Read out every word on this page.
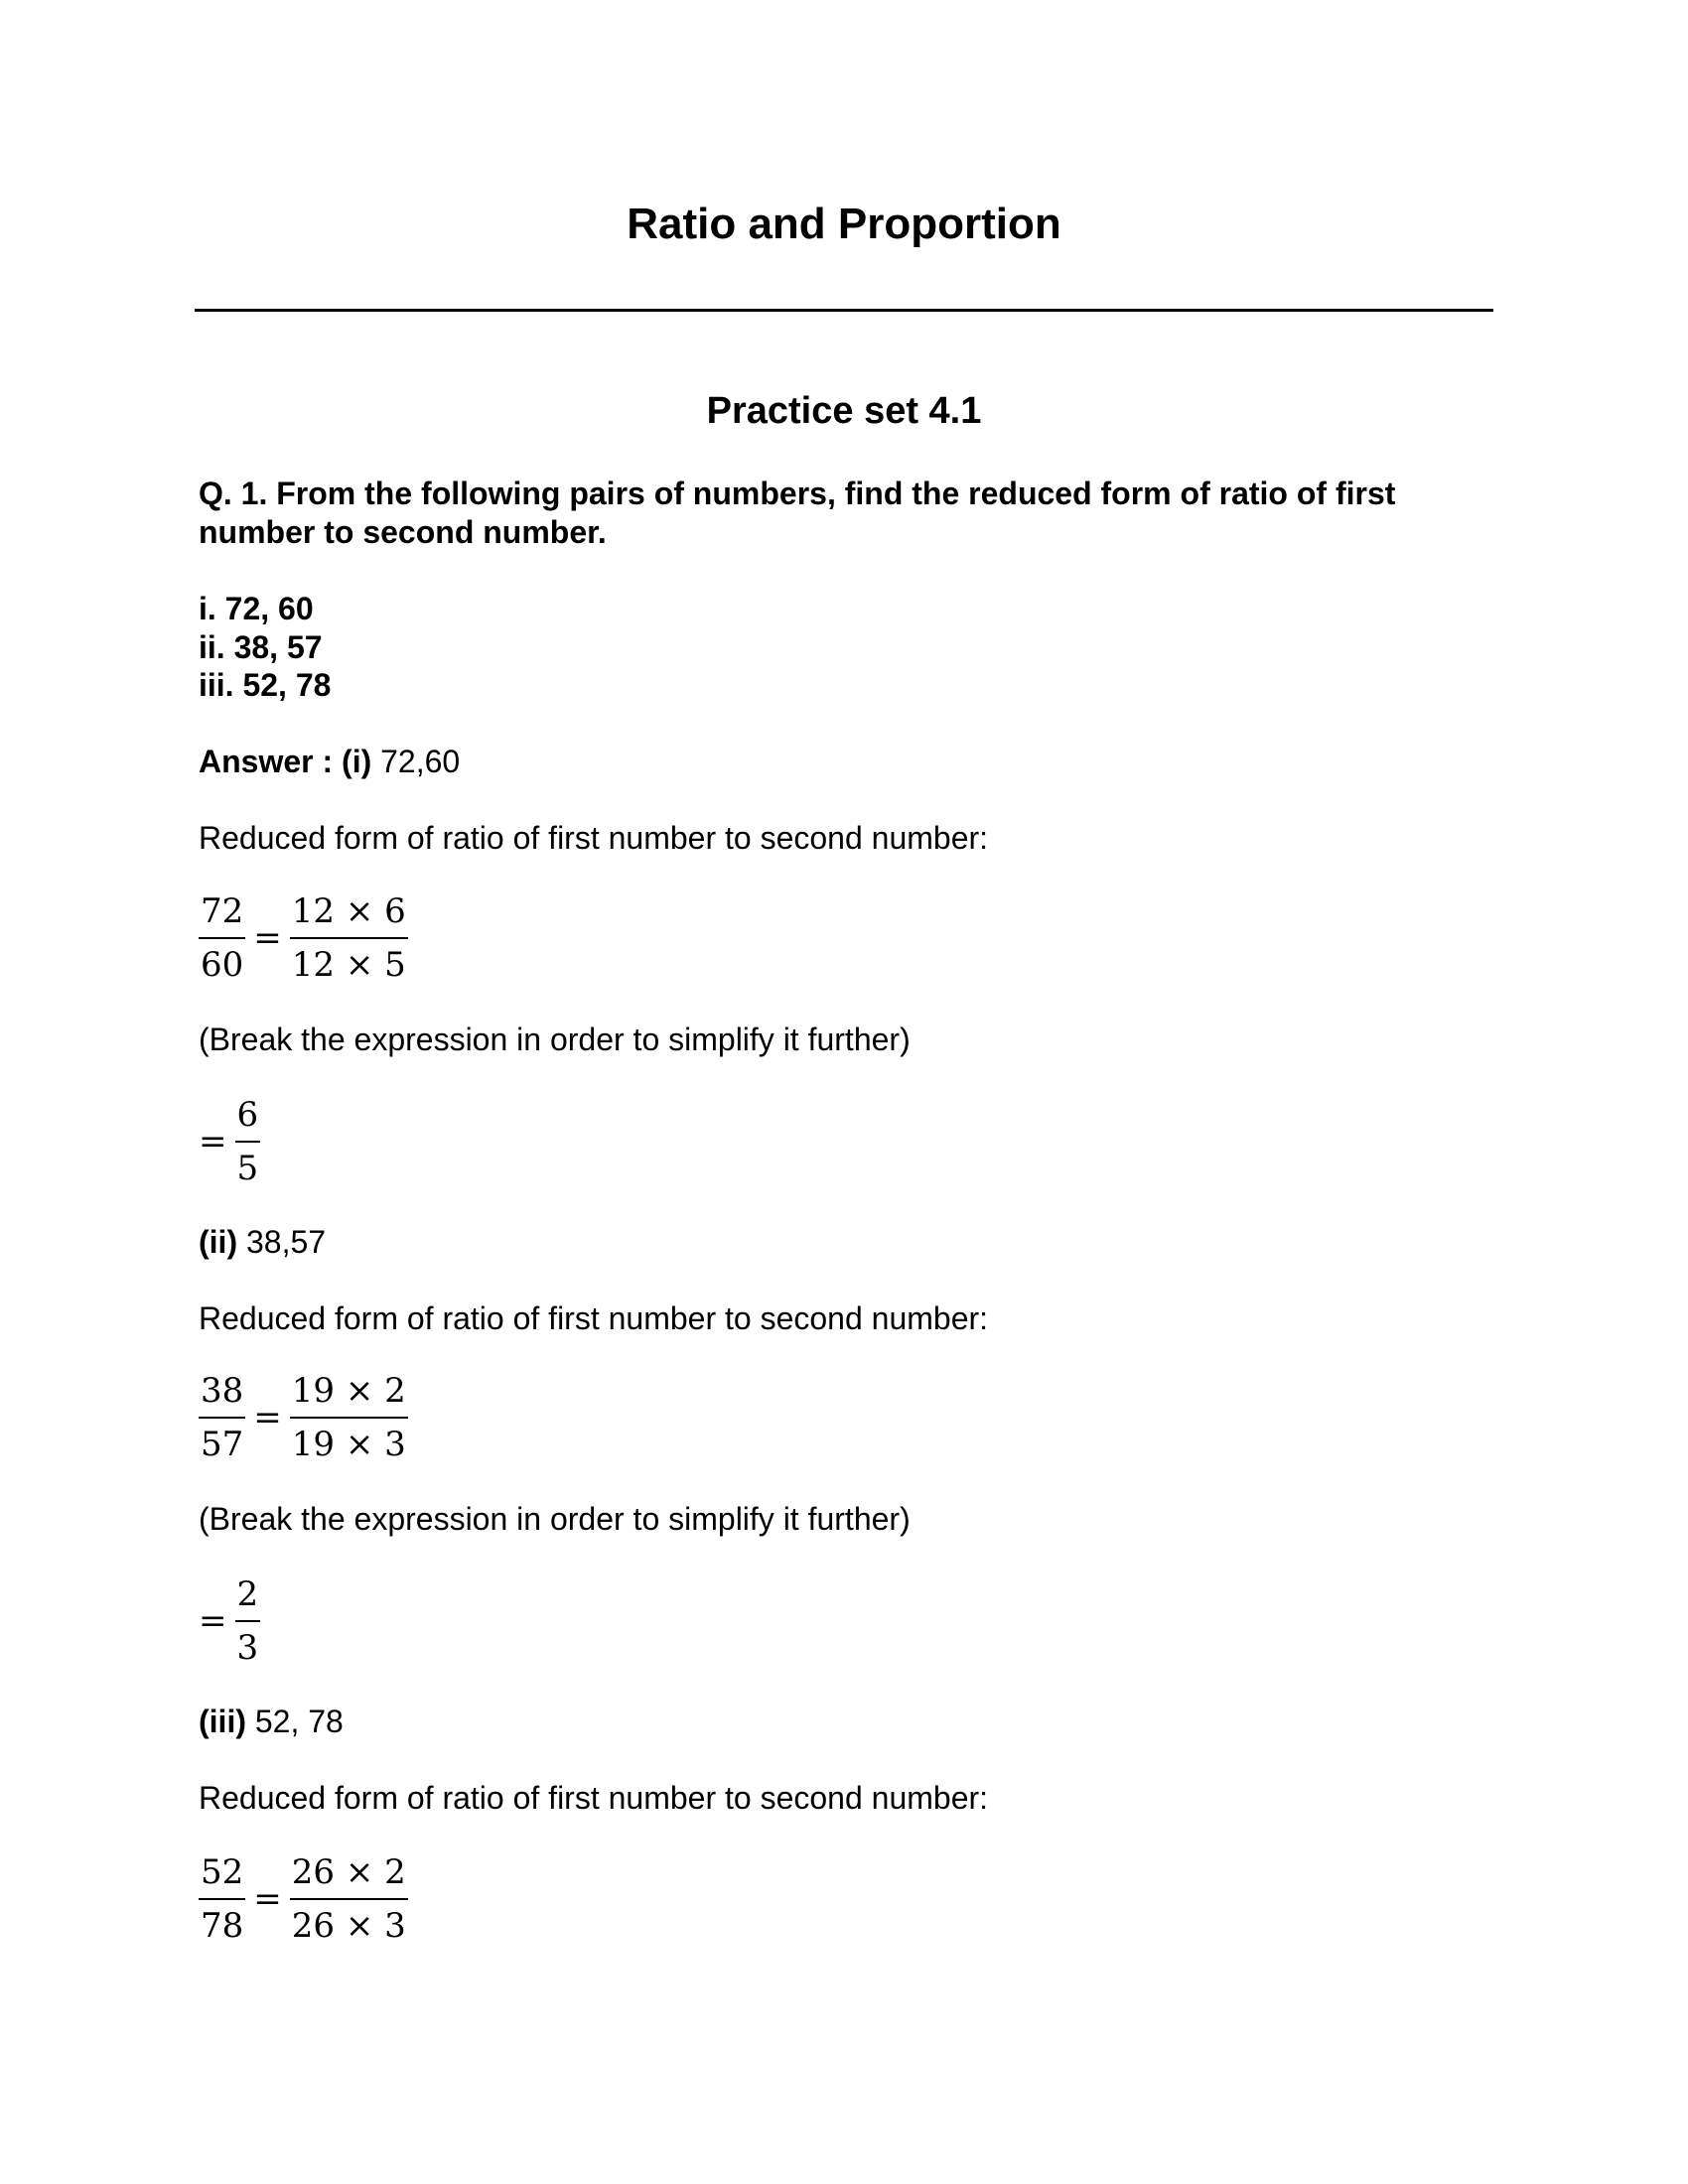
Ratio and Proportion
Practice set 4.1
Q. 1. From the following pairs of numbers, find the reduced form of ratio of first number to second number.
i. 72, 60
ii. 38, 57
iii. 52, 78
Answer : (i) 72,60
Reduced form of ratio of first number to second number:
$\frac{72}{60} = \frac{12 \times 6}{12 \times 5}$
(Break the expression in order to simplify it further)
= $\frac{6}{5}$
(ii) 38,57
Reduced form of ratio of first number to second number:
$\frac{38}{57} = \frac{19 \times 2}{19 \times 3}$
(Break the expression in order to simplify it further)
= $\frac{2}{3}$
(iii) 52, 78
Reduced form of ratio of first number to second number:
$\frac{52}{78} = \frac{26 \times 2}{26 \times 3}$
